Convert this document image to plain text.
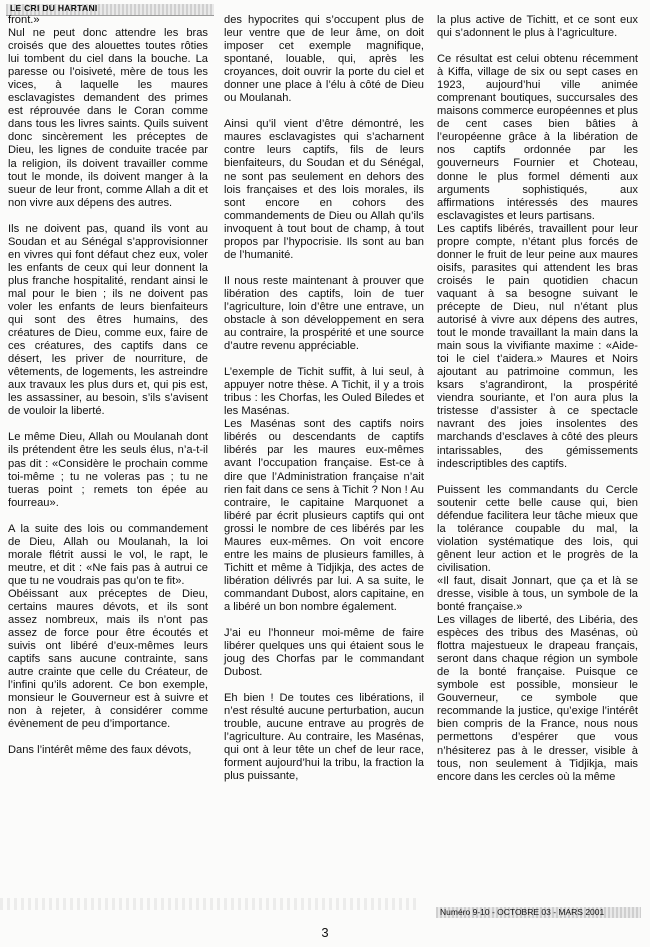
LE CRI DU HARTANI

front.»

Nul ne peut donc attendre les bras croisés que des alouettes toutes rôties lui tombent du ciel dans la bouche. La paresse ou l’oisiveté, mère de tous les vices, à laquelle les maures esclavagistes demandent des primes est réprouvée dans le Coran comme dans tous les livres saints. Quils suivent donc sincèrement les préceptes de Dieu, les lignes de conduite tracée par la religion, ils doivent travailler comme tout le monde, ils doivent manger à la sueur de leur front, comme Allah a dit et non vivre aux dépens des autres.

Ils ne doivent pas, quand ils vont au Soudan et au Sénégal s’approvisionner en vivres qui font défaut chez eux, voler les enfants de ceux qui leur donnent la plus franche hospitalité, rendant ainsi le mal pour le bien ; ils ne doivent pas voler les enfants de leurs bienfaiteurs qui sont des êtres humains, des créatures de Dieu, comme eux, faire de ces créatures, des captifs dans ce désert, les priver de nourriture, de vêtements, de logements, les astreindre aux travaux les plus durs et, qui pis est, les assassiner, au besoin, s’ils s’avisent de vouloir la liberté.

Le même Dieu, Allah ou Moulanah dont ils prétendent être les seuls élus, n’a-t-il pas dit : «Considère le prochain comme toi-même ; tu ne voleras pas ; tu ne tueras point ; remets ton épée au fourreau».

A la suite des lois ou commandement de Dieu, Allah ou Moulanah, la loi morale flétrit aussi le vol, le rapt, le meutre, et dit : «Ne fais pas à autrui ce que tu ne voudrais pas qu’on te fit».

Obéissant aux préceptes de Dieu, certains maures dévots, et ils sont assez nombreux, mais ils n’ont pas assez de force pour être écoutés et suivis ont libéré d’eux-mêmes leurs captifs sans aucune contrainte, sans autre crainte que celle du Créateur, de l’infini qu’ils adorent. Ce bon exemple, monsieur le Gouverneur est à suivre et non à rejeter, à considérer comme évènement de peu d’importance.

Dans l’intérêt même des faux dévots,

des hypocrites qui s’occupent plus de leur ventre que de leur âme, on doit imposer cet exemple magnifique, spontané, louable, qui, après les croyances, doit ouvrir la porte du ciel et donner une place à l’élu à côté de Dieu ou Moulanah.

Ainsi qu’il vient d’être démontré, les maures esclavagistes qui s’acharnent contre leurs captifs, fils de leurs bienfaiteurs, du Soudan et du Sénégal, ne sont pas seulement en dehors des lois françaises et des lois morales, ils sont encore en cohors des commandements de Dieu ou Allah qu’ils invoquent à tout bout de champ, à tout propos par l’hypocrisie. Ils sont au ban de l’humanité.

Il nous reste maintenant à prouver que libération des captifs, loin de tuer l’agriculture, loin d’être une entrave, un obstacle à son développement en sera au contraire, la prospérité et une source d’autre revenu appréciable.

L’exemple de Tichit suffit, à lui seul, à appuyer notre thèse. A Tichit, il y a trois tribus : les Chorfas, les Ouled Biledes et les Masénas.

Les Masénas sont des captifs noirs libérés ou descendants de captifs libérés par les maures eux-mêmes avant l’occupation française. Est-ce à dire que l’Administration française n’ait rien fait dans ce sens à Tichit ? Non ! Au contraire, le capitaine Marquonet a libéré par écrit plusieurs captifs qui ont grossi le nombre de ces libérés par les Maures eux-mêmes. On voit encore entre les mains de plusieurs familles, à Tichitt et même à Tidjikja, des actes de libération délivrés par lui. A sa suite, le commandant Dubost, alors capitaine, en a libéré un bon nombre également.

J’ai eu l’honneur moi-même de faire libérer quelques uns qui étaient sous le joug des Chorfas par le commandant Dubost.

Eh bien ! De toutes ces libérations, il n’est résulté aucune perturbation, aucun trouble, aucune entrave au progrès de l’agriculture. Au contraire, les Masénas, qui ont à leur tête un chef de leur race, forment aujourd’hui la tribu, la fraction la plus puissante,

la plus active de Tichitt, et ce sont eux qui s’adonnent le plus à l’agriculture.

Ce résultat est celui obtenu récemment à Kiffa, village de six ou sept cases en 1923, aujourd’hui ville animée comprenant boutiques, succursales des maisons commerce européennes et plus de cent cases bien bâties à l’européenne grâce à la libération de nos captifs ordonnée par les gouverneurs Fournier et Choteau, donne le plus formel démenti aux arguments sophistiqués, aux affirmations intéressés des maures esclavagistes et leurs partisans.

Les captifs libérés, travaillent pour leur propre compte, n’étant plus forcés de donner le fruit de leur peine aux maures oisifs, parasites qui attendent les bras croisés le pain quotidien chacun vaquant à sa besogne suivant le précepte de Dieu, nul n’étant plus autorisé à vivre aux dépens des autres, tout le monde travaillant la main dans la main sous la vivifiante maxime : «Aide-toi le ciel t’aidera.» Maures et Noirs ajoutant au patrimoine commun, les ksars s’agrandiront, la prospérité viendra souriante, et l’on aura plus la tristesse d’assister à ce spectacle navrant des joies insolentes des marchands d’esclaves à côté des pleurs intarissables, des gémissements indescriptibles des captifs.

Puissent les commandants du Cercle soutenir cette belle cause qui, bien défendue facilitera leur tâche mieux que la tolérance coupable du mal, la violation systématique des lois, qui gênent leur action et le progrès de la civilisation.

«Il faut, disait Jonnart, que ça et là se dresse, visible à tous, un symbole de la bonté française.»

Les villages de liberté, des Libéria, des espèces des tribus des Masénas, où flottra majestueux le drapeau français, seront dans chaque région un symbole de la bonté française. Puisque ce symbole est possible, monsieur le Gouverneur, ce symbole que recommande la justice, qu’exige l’intérêt bien compris de la France, nous nous permettons d’espérer que vous n’hésiterez pas à le dresser, visible à tous, non seulement à Tidjikja, mais encore dans les cercles où la même

Numéro 9-10 - OCTOBRE 03 - MARS 2001
3
